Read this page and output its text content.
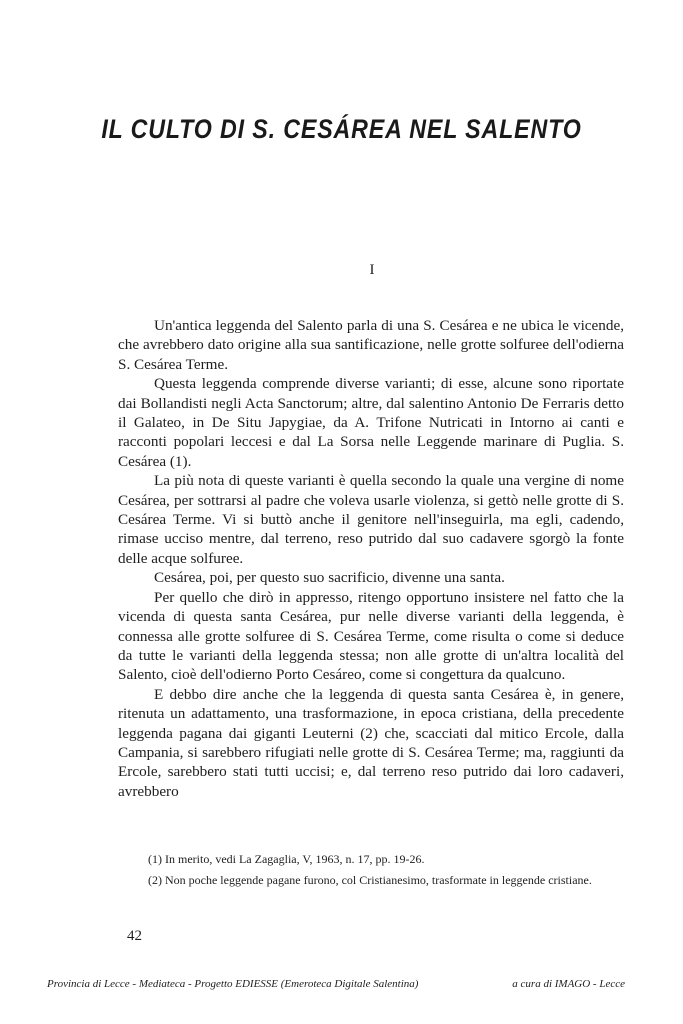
IL CULTO DI S. CESÁREA NEL SALENTO
I

Un'antica leggenda del Salento parla di una S. Cesárea e ne ubica le vicende, che avrebbero dato origine alla sua santificazione, nelle grotte solfuree dell'odierna S. Cesárea Terme.

Questa leggenda comprende diverse varianti; di esse, alcune sono riportate dai Bollandisti negli Acta Sanctorum; altre, dal salentino Antonio De Ferraris detto il Galateo, in De Situ Japygiae, da A. Trifone Nutricati in Intorno ai canti e racconti popolari leccesi e dal La Sorsa nelle Leggende marinare di Puglia. S. Cesárea (1).

La più nota di queste varianti è quella secondo la quale una vergine di nome Cesárea, per sottrarsi al padre che voleva usarle violenza, si gettò nelle grotte di S. Cesárea Terme. Vi si buttò anche il genitore nell'inseguirla, ma egli, cadendo, rimase ucciso mentre, dal terreno, reso putrido dal suo cadavere sgorgò la fonte delle acque solfuree.

Cesárea, poi, per questo suo sacrificio, divenne una santa.

Per quello che dirò in appresso, ritengo opportuno insistere nel fatto che la vicenda di questa santa Cesárea, pur nelle diverse varianti della leggenda, è connessa alle grotte solfuree di S. Cesárea Terme, come risulta o come si deduce da tutte le varianti della leggenda stessa; non alle grotte di un'altra località del Salento, cioè dell'odierno Porto Cesáreo, come si congettura da qualcuno.

E debbo dire anche che la leggenda di questa santa Cesárea è, in genere, ritenuta un adattamento, una trasformazione, in epoca cristiana, della precedente leggenda pagana dai giganti Leuterni (2) che, scacciati dal mitico Ercole, dalla Campania, si sarebbero rifugiati nelle grotte di S. Cesárea Terme; ma, raggiunti da Ercole, sarebbero stati tutti uccisi; e, dal terreno reso putrido dai loro cadaveri, avrebbero

(1) In merito, vedi La Zagaglia, V, 1963, n. 17, pp. 19-26.

(2) Non poche leggende pagane furono, col Cristianesimo, trasformate in leggende cristiane.

42
Provincia di Lecce - Mediateca - Progetto EDIESSE (Emeroteca Digitale Salentina)	a cura di IMAGO - Lecce
